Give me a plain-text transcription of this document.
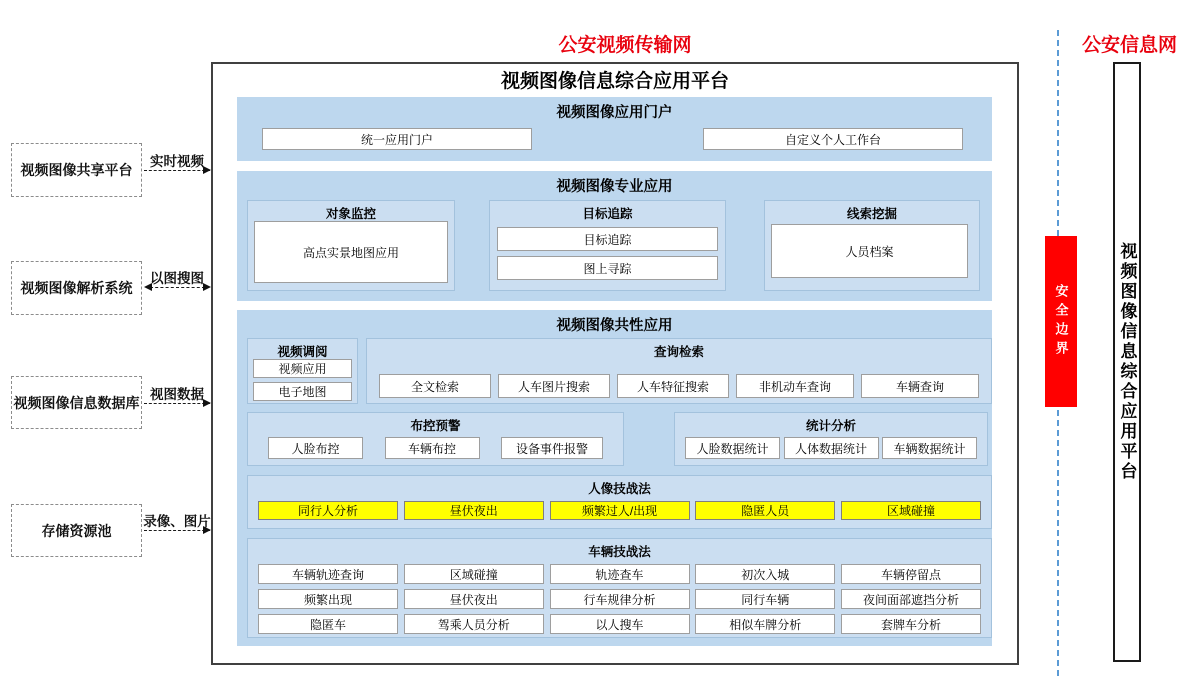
公安视频传输网	公安信息网
视频图像信息综合应用平台
视频图像应用门户
统一应用门户	自定义个人工作台
视频图像专业应用
对象监控
高点实景地图应用
目标追踪
目标追踪
图上寻踪
线索挖掘
人员档案
视频图像共性应用
视频调阅
视频应用
电子地图
查询检索
全文检索	人车图片搜索	人车特征搜索	非机动车查询	车辆查询
布控预警
人脸布控	车辆布控	设备事件报警
统计分析
人脸数据统计	人体数据统计	车辆数据统计
人像技战法
同行人分析	昼伏夜出	频繁过人/出现	隐匿人员	区域碰撞
车辆技战法
车辆轨迹查询	区域碰撞	轨迹查车	初次入城	车辆停留点
频繁出现	昼伏夜出	行车规律分析	同行车辆	夜间面部遮挡分析
隐匿车	驾乘人员分析	以人搜车	相似车牌分析	套牌车分析
视频图像共享平台
实时视频
视频图像解析系统
以图搜图
视频图像信息数据库 视图数据
存储资源池
录像、图片
安全边界	视频图像信息综合应用平台
